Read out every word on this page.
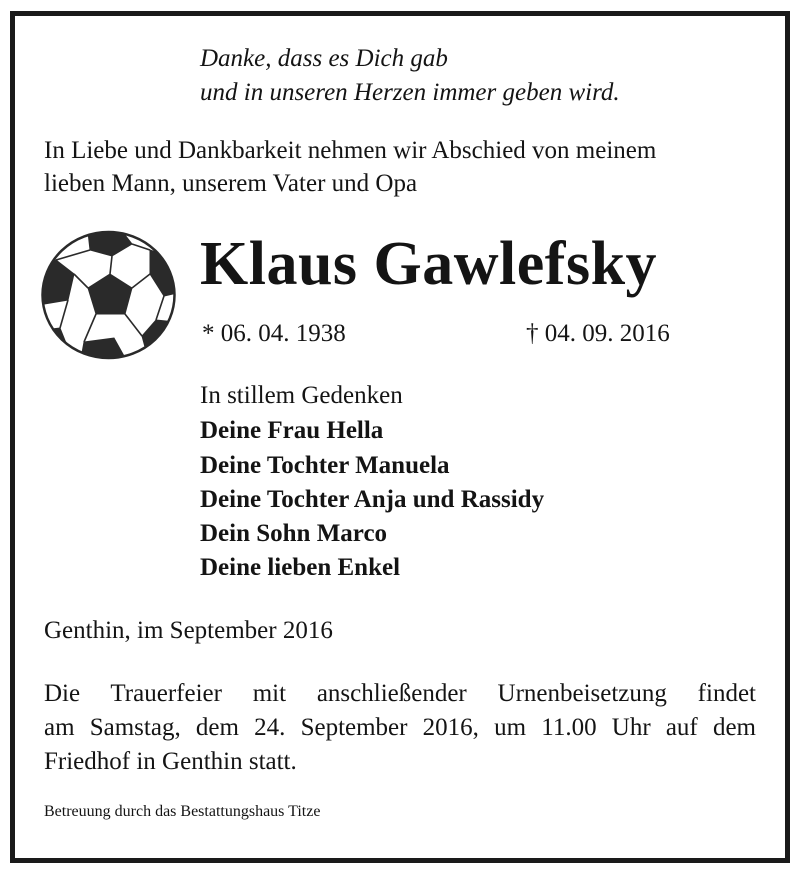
Danke, dass es Dich gab
und in unseren Herzen immer geben wird.
In Liebe und Dankbarkeit nehmen wir Abschied von meinem
lieben Mann, unserem Vater und Opa
Klaus Gawlefsky
* 06. 04. 1938	† 04. 09. 2016
In stillem Gedenken
Deine Frau Hella
Deine Tochter Manuela
Deine Tochter Anja und Rassidy
Dein Sohn Marco
Deine lieben Enkel
Genthin, im September 2016
Die Trauerfeier mit anschließender Urnenbeisetzung findet
am Samstag, dem 24. September 2016, um 11.00 Uhr auf dem
Friedhof in Genthin statt.
Betreuung durch das Bestattungshaus Titze
